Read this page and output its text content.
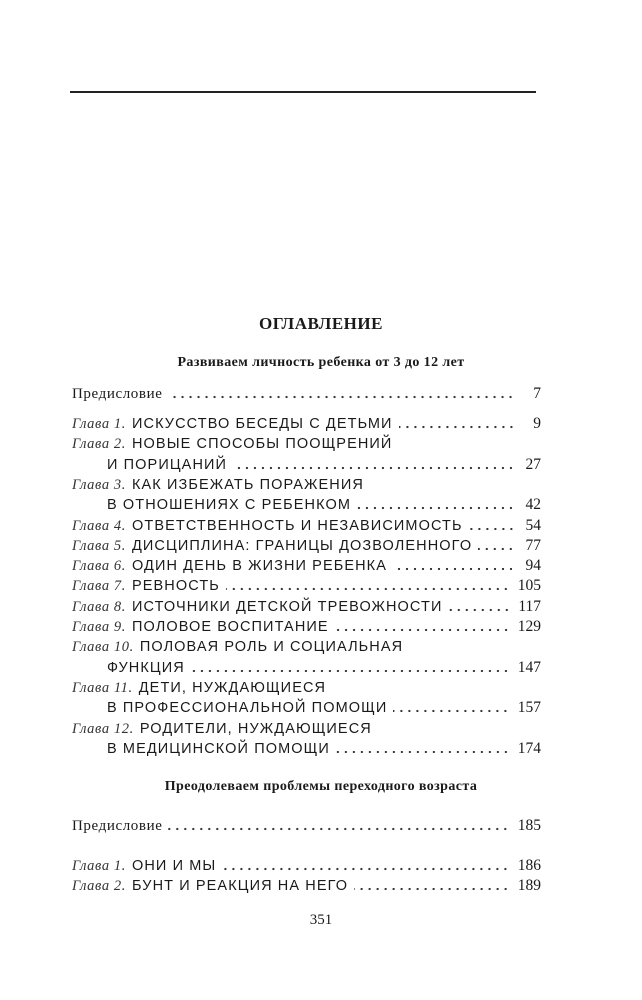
ОГЛАВЛЕНИЕ
Развиваем личность ребенка от 3 до 12 лет
Предисловие	7
Глава 1. ИСКУССТВО БЕСЕДЫ С ДЕТЬМИ	9
Глава 2. НОВЫЕ СПОСОБЫ ПООЩРЕНИЙ
И ПОРИЦАНИЙ	27
Глава 3. КАК ИЗБЕЖАТЬ ПОРАЖЕНИЯ
В ОТНОШЕНИЯХ С РЕБЕНКОМ	42
Глава 4. ОТВЕТСТВЕННОСТЬ И НЕЗАВИСИМОСТЬ	54
Глава 5. ДИСЦИПЛИНА: ГРАНИЦЫ ДОЗВОЛЕННОГО	77
Глава 6. ОДИН ДЕНЬ В ЖИЗНИ РЕБЕНКА	94
Глава 7. РЕВНОСТЬ	105
Глава 8. ИСТОЧНИКИ ДЕТСКОЙ ТРЕВОЖНОСТИ	117
Глава 9. ПОЛОВОЕ ВОСПИТАНИЕ	129
Глава 10. ПОЛОВАЯ РОЛЬ И СОЦИАЛЬНАЯ
ФУНКЦИЯ	147
Глава 11. ДЕТИ, НУЖДАЮЩИЕСЯ
В ПРОФЕССИОНАЛЬНОЙ ПОМОЩИ	157
Глава 12. РОДИТЕЛИ, НУЖДАЮЩИЕСЯ
В МЕДИЦИНСКОЙ ПОМОЩИ	174
Преодолеваем проблемы переходного возраста
Предисловие	185
Глава 1. ОНИ И МЫ	186
Глава 2. БУНТ И РЕАКЦИЯ НА НЕГО	189
351
